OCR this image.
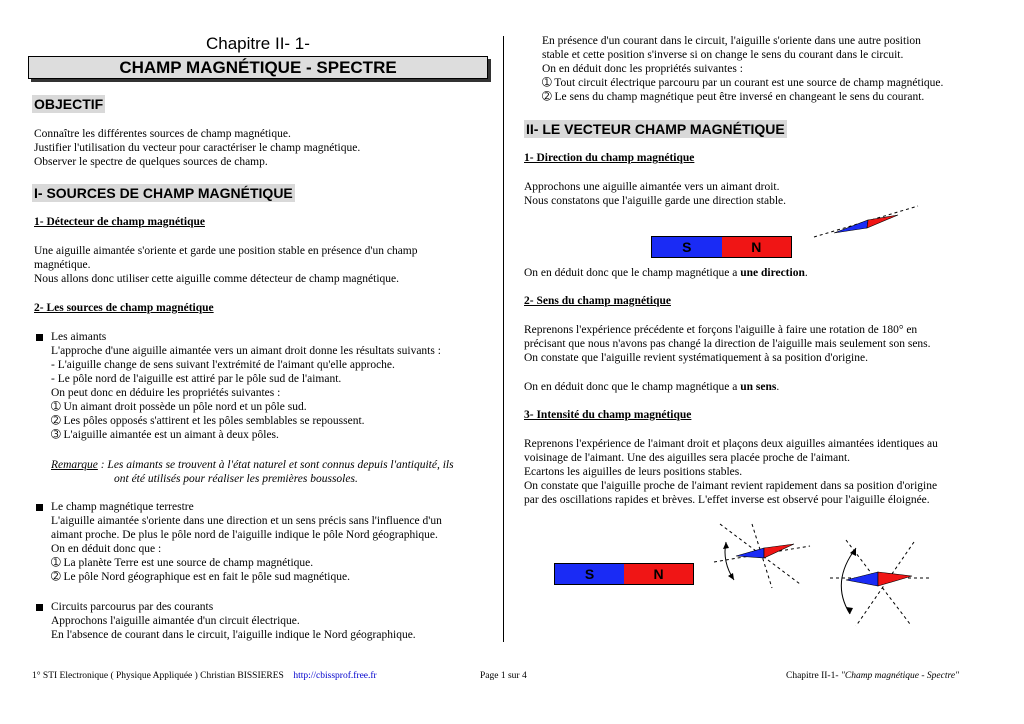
Chapitre II- 1-
CHAMP MAGNÉTIQUE - SPECTRE
OBJECTIF
Connaître les différentes sources de champ magnétique.
Justifier l'utilisation du vecteur pour caractériser le champ magnétique.
Observer le spectre de quelques sources de champ.
I- SOURCES DE CHAMP MAGNÉTIQUE
1- Détecteur de champ magnétique
Une aiguille aimantée s'oriente et garde une position stable en présence d'un champ
magnétique.
Nous allons donc utiliser cette aiguille comme détecteur de champ magnétique.
2- Les sources de champ magnétique
Les aimants
L'approche d'une aiguille aimantée vers un aimant droit donne les résultats suivants :
- L'aiguille change de sens suivant l'extrémité de l'aimant qu'elle approche.
- Le pôle nord de l'aiguille est attiré par le pôle sud de l'aimant.
On peut donc en déduire les propriétés suivantes :
➀ Un aimant droit possède un pôle nord et un pôle sud.
➁ Les pôles opposés s'attirent et les pôles semblables se repoussent.
➂ L'aiguille aimantée est un aimant à deux pôles.
Remarque : Les aimants se trouvent à l'état naturel et sont connus depuis l'antiquité, ils
ont été utilisés pour réaliser les premières boussoles.
Le champ magnétique terrestre
L'aiguille aimantée s'oriente dans une direction et un sens précis sans l'influence d'un
aimant proche. De plus le pôle nord de l'aiguille indique le pôle Nord géographique.
On en déduit donc que :
➀ La planète Terre est une source de champ magnétique.
➁ Le pôle Nord géographique est en fait le pôle sud magnétique.
Circuits parcourus par des courants
Approchons l'aiguille aimantée d'un circuit électrique.
En l'absence de courant dans le circuit, l'aiguille indique le Nord géographique.
En présence d'un courant dans le circuit, l'aiguille s'oriente dans une autre position
stable et cette position s'inverse si on change le sens du courant dans le circuit.
On en déduit donc les propriétés suivantes :
➀ Tout circuit électrique parcouru par un courant est une source de champ magnétique.
➁ Le sens du champ magnétique peut être inversé en changeant le sens du courant.
II- LE VECTEUR CHAMP MAGNÉTIQUE
1- Direction du champ magnétique
Approchons une aiguille aimantée vers un aimant droit.
Nous constatons que l'aiguille garde une direction stable.
On en déduit donc que le champ magnétique a une direction.
2- Sens du champ magnétique
Reprenons l'expérience précédente et forçons l'aiguille à faire une rotation de 180° en
précisant que nous n'avons pas changé la direction de l'aiguille mais seulement son sens.
On constate que l'aiguille revient systématiquement à sa position d'origine.
On en déduit donc que le champ magnétique a un sens.
3- Intensité du champ magnétique
Reprenons l'expérience de l'aimant droit et plaçons deux aiguilles aimantées identiques au
voisinage de l'aimant. Une des aiguilles sera placée proche de l'aimant.
Ecartons les aiguilles de leurs positions stables.
On constate que l'aiguille proche de l'aimant revient rapidement dans sa position d'origine
par des oscillations rapides et brèves. L'effet inverse est observé pour l'aiguille éloignée.
S	N
S	N
1° STI Electronique ( Physique Appliquée ) Christian BISSIERES http://cbissprof.free.fr	Page 1 sur 4	Chapitre II-1- "Champ magnétique - Spectre"
